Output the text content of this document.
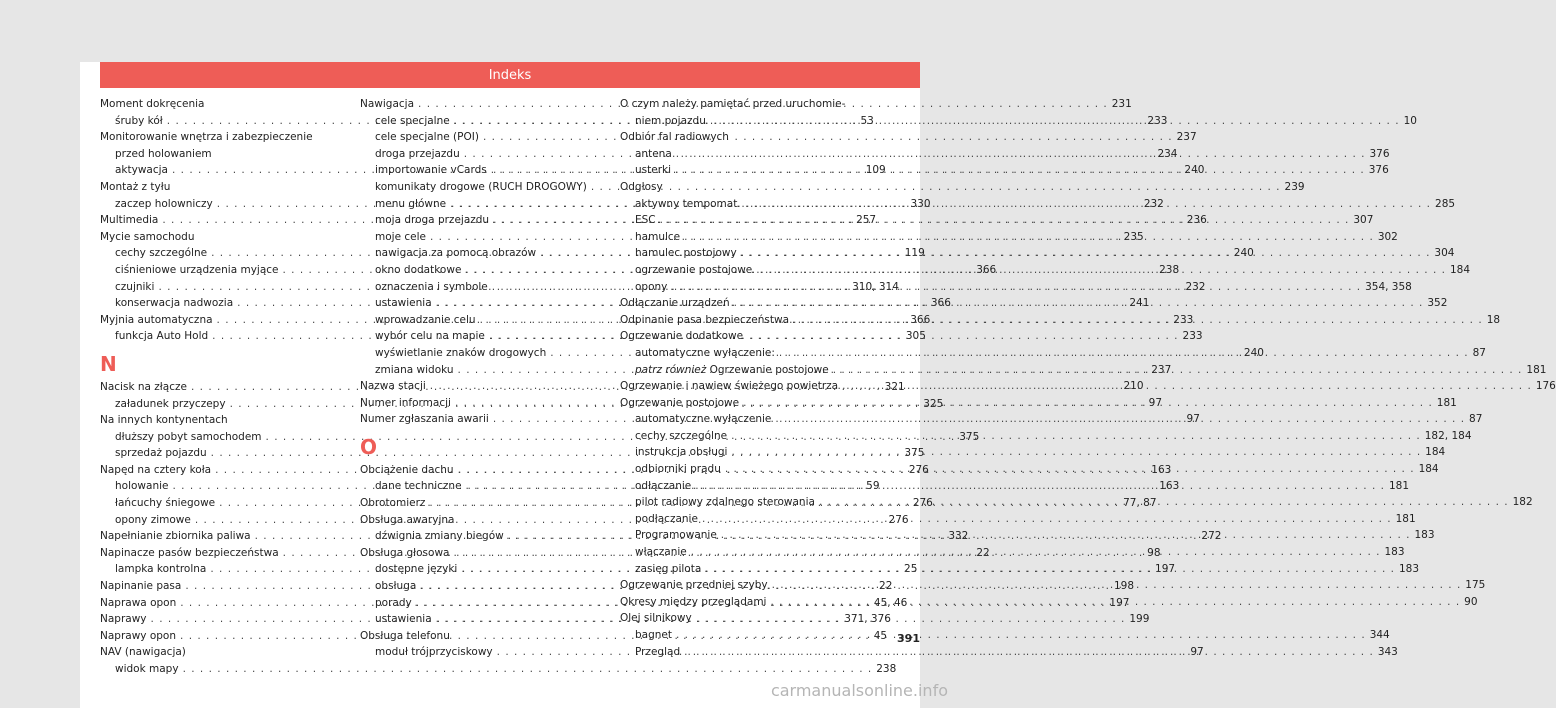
Indeks
Moment dokręcenia
śruby kół . . .	53
Monitorowanie wnętrza i zabezpieczenie
przed holowaniem
aktywacja . . .	109
Montaż z tyłu
zaczep holowniczy . . .	330
Multimedia . . .	257
Mycie samochodu
cechy szczególne . . .	119
ciśnieniowe urządzenia myjące . . .	366
czujniki . . .	310, 314
konserwacja nadwozia . . .	366
Myjnia automatyczna . . .	366
funkcja Auto Hold . . .	305
N
Nacisk na złącze . . .	321
załadunek przyczepy . . .	325
Na innych kontynentach
dłuższy pobyt samochodem . . .	375
sprzedaż pojazdu . . .	375
Napęd na cztery koła . . .	276
holowanie . . .	59
łańcuchy śniegowe . . .	276
opony zimowe . . .	276
Napełnianie zbiornika paliwa . . .	332
Napinacze pasów bezpieczeństwa . . .	22
lampka kontrolna . . .	25
Napinanie pasa . . .	22
Naprawa opon . . .	45, 46
Naprawy . . .	371, 376
Naprawy opon . . .	45
NAV (nawigacja)
widok mapy . . .	238
Nawigacja . . .	231
cele specjalne . . .	233
cele specjalne (POI) . . .	237
droga przejazdu . . .	234
importowanie vCards . . .	240
komunikaty drogowe (RUCH DROGOWY) . . .	239
menu główne . . .	232
moja droga przejazdu . . .	236
moje cele . . .	235
nawigacja za pomocą obrazów . . .	240
okno dodatkowe . . .	238
oznaczenia i symbole . . .	232
ustawienia . . .	241
wprowadzanie celu . . .	233
wybór celu na mapie . . .	233
wyświetlanie znaków drogowych . . .	240
zmiana widoku . . .	237
Nazwa stacji . . .	210
Numer informacji . . .	97
Numer zgłaszania awarii . . .	97
O
Obciążenie dachu . . .	163
dane techniczne . . .	163
Obrotomierz . . .	77, 87
Obsługa awaryjna
dźwignia zmiany biegów . . .	272
Obsługa głosowa . . .	98
dostępne języki . . .	197
obsługa . . .	198
porady . . .	197
ustawienia . . .	199
Obsługa telefonu
moduł trójprzyciskowy . . .	97
O czym należy pamiętać przed uruchomie-
niem pojazdu . . .	10
Odbiór fal radiowych
antena . . .	376
usterki . . .	376
Odgłosy
aktywny tempomat . . .	285
ESC . . .	307
hamulce . . .	302
hamulec postojowy . . .	304
ogrzewanie postojowe . . .	184
opony . . .	354, 358
Odłączanie urządzeń . . .	352
Odpinanie pasa bezpieczeństwa . . .	18
Ogrzewanie dodatkowe
automatyczne wyłączenie: . . .	87
patrz również Ogrzewanie postojowe . . .	181
Ogrzewanie i nawiew świeżego powietrza . . .	176
Ogrzewanie postojowe . . .	181
automatyczne wyłączenie . . .	87
cechy szczególne . . .	182, 184
instrukcja obsługi . . .	184
odbiorniki prądu . . .	184
odłączanie . . .	181
pilot radiowy zdalnego sterowania . . .	182
podłączanie . . .	181
Programowanie . . .	183
włączanie . . .	183
zasięg pilota . . .	183
Ogrzewanie przedniej szyby . . .	175
Okresy między przeglądami . . .	90
Olej silnikowy
bagnet . . .	344
Przegląd . . .	343
391
carmanualsonline.info
